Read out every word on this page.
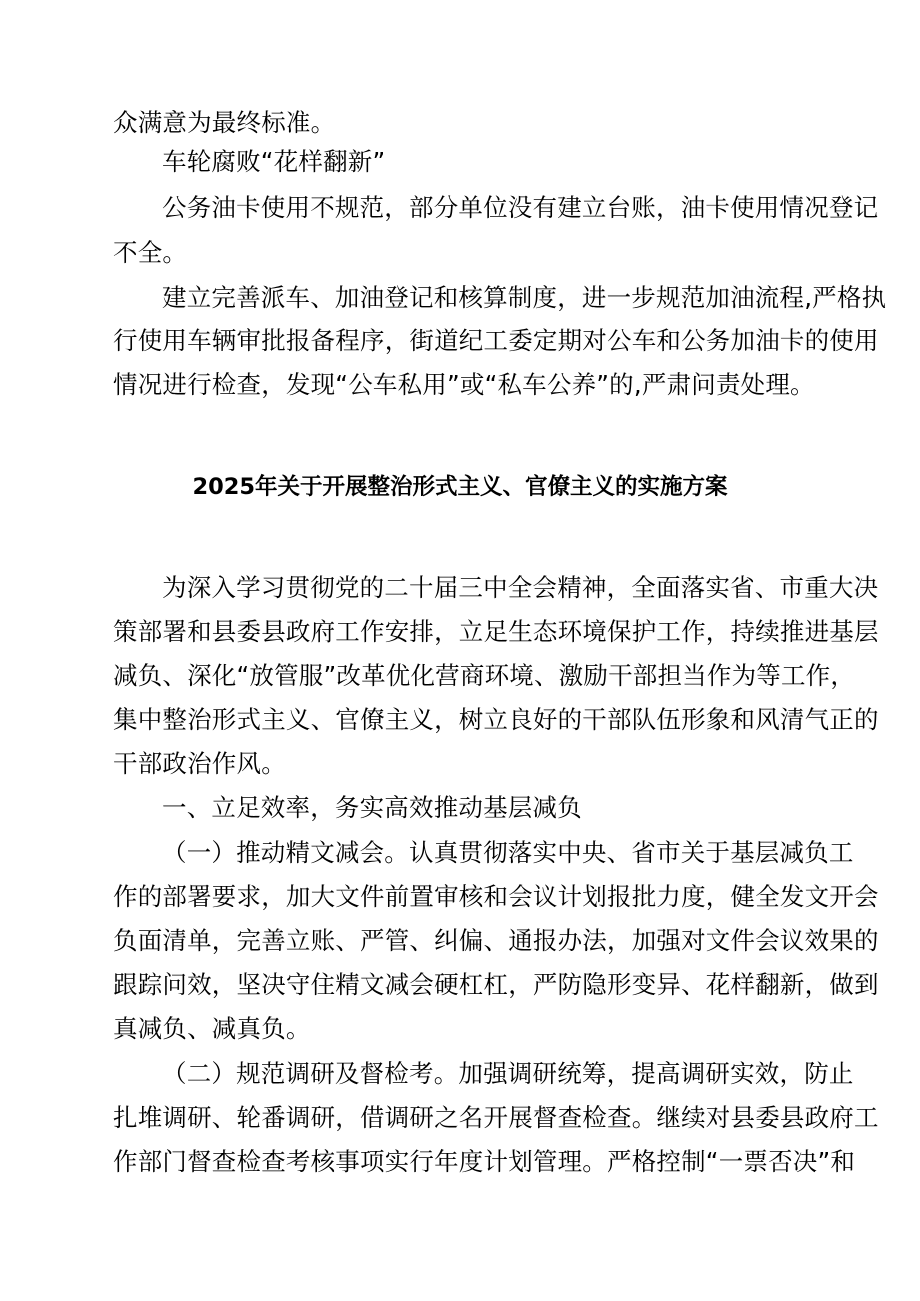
众满意为最终标准。
车轮腐败“花样翻新”
公务油卡使用不规范，部分单位没有建立台账，油卡使用情况登记
不全。
建立完善派车、加油登记和核算制度，进一步规范加油流程,严格执
行使用车辆审批报备程序，街道纪工委定期对公车和公务加油卡的使用
情况进行检查，发现“公车私用”或“私车公养”的,严肃问责处理。
2025年关于开展整治形式主义、官僚主义的实施方案
为深入学习贯彻党的二十届三中全会精神，全面落实省、市重大决
策部署和县委县政府工作安排，立足生态环境保护工作，持续推进基层
减负、深化“放管服”改革优化营商环境、激励干部担当作为等工作，
集中整治形式主义、官僚主义，树立良好的干部队伍形象和风清气正的
干部政治作风。
一、立足效率，务实高效推动基层减负
（一）推动精文减会。认真贯彻落实中央、省市关于基层减负工
作的部署要求，加大文件前置审核和会议计划报批力度，健全发文开会
负面清单，完善立账、严管、纠偏、通报办法，加强对文件会议效果的
跟踪问效，坚决守住精文减会硬杠杠，严防隐形变异、花样翻新，做到
真减负、减真负。
（二）规范调研及督检考。加强调研统筹，提高调研实效，防止
扎堆调研、轮番调研，借调研之名开展督查检查。继续对县委县政府工
作部门督查检查考核事项实行年度计划管理。严格控制“一票否决”和
